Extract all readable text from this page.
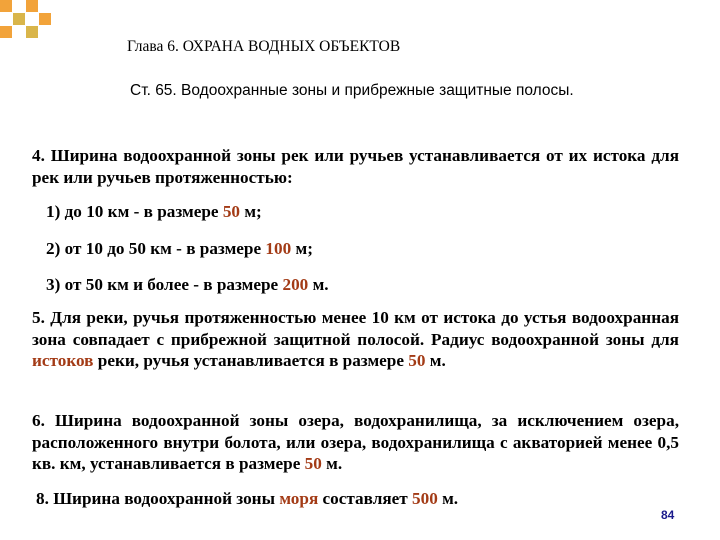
Глава 6. ОХРАНА ВОДНЫХ ОБЪЕКТОВ
Ст. 65. Водоохранные зоны и прибрежные защитные полосы.
4. Ширина водоохранной зоны рек или ручьев устанавливается от их истока для рек или ручьев протяженностью:
1) до 10 км - в размере 50 м;
2) от 10 до 50 км - в размере 100 м;
3) от 50 км и более - в размере 200 м.
5. Для реки, ручья протяженностью менее 10 км от истока до устья водоохранная зона совпадает с прибрежной защитной полосой. Радиус водоохранной зоны для истоков реки, ручья устанавливается в размере 50 м.
6. Ширина водоохранной зоны озера, водохранилища, за исключением озера, расположенного внутри болота, или озера, водохранилища с акваторией менее 0,5 кв. км, устанавливается в размере 50 м.
8. Ширина водоохранной зоны моря составляет 500 м.
84
